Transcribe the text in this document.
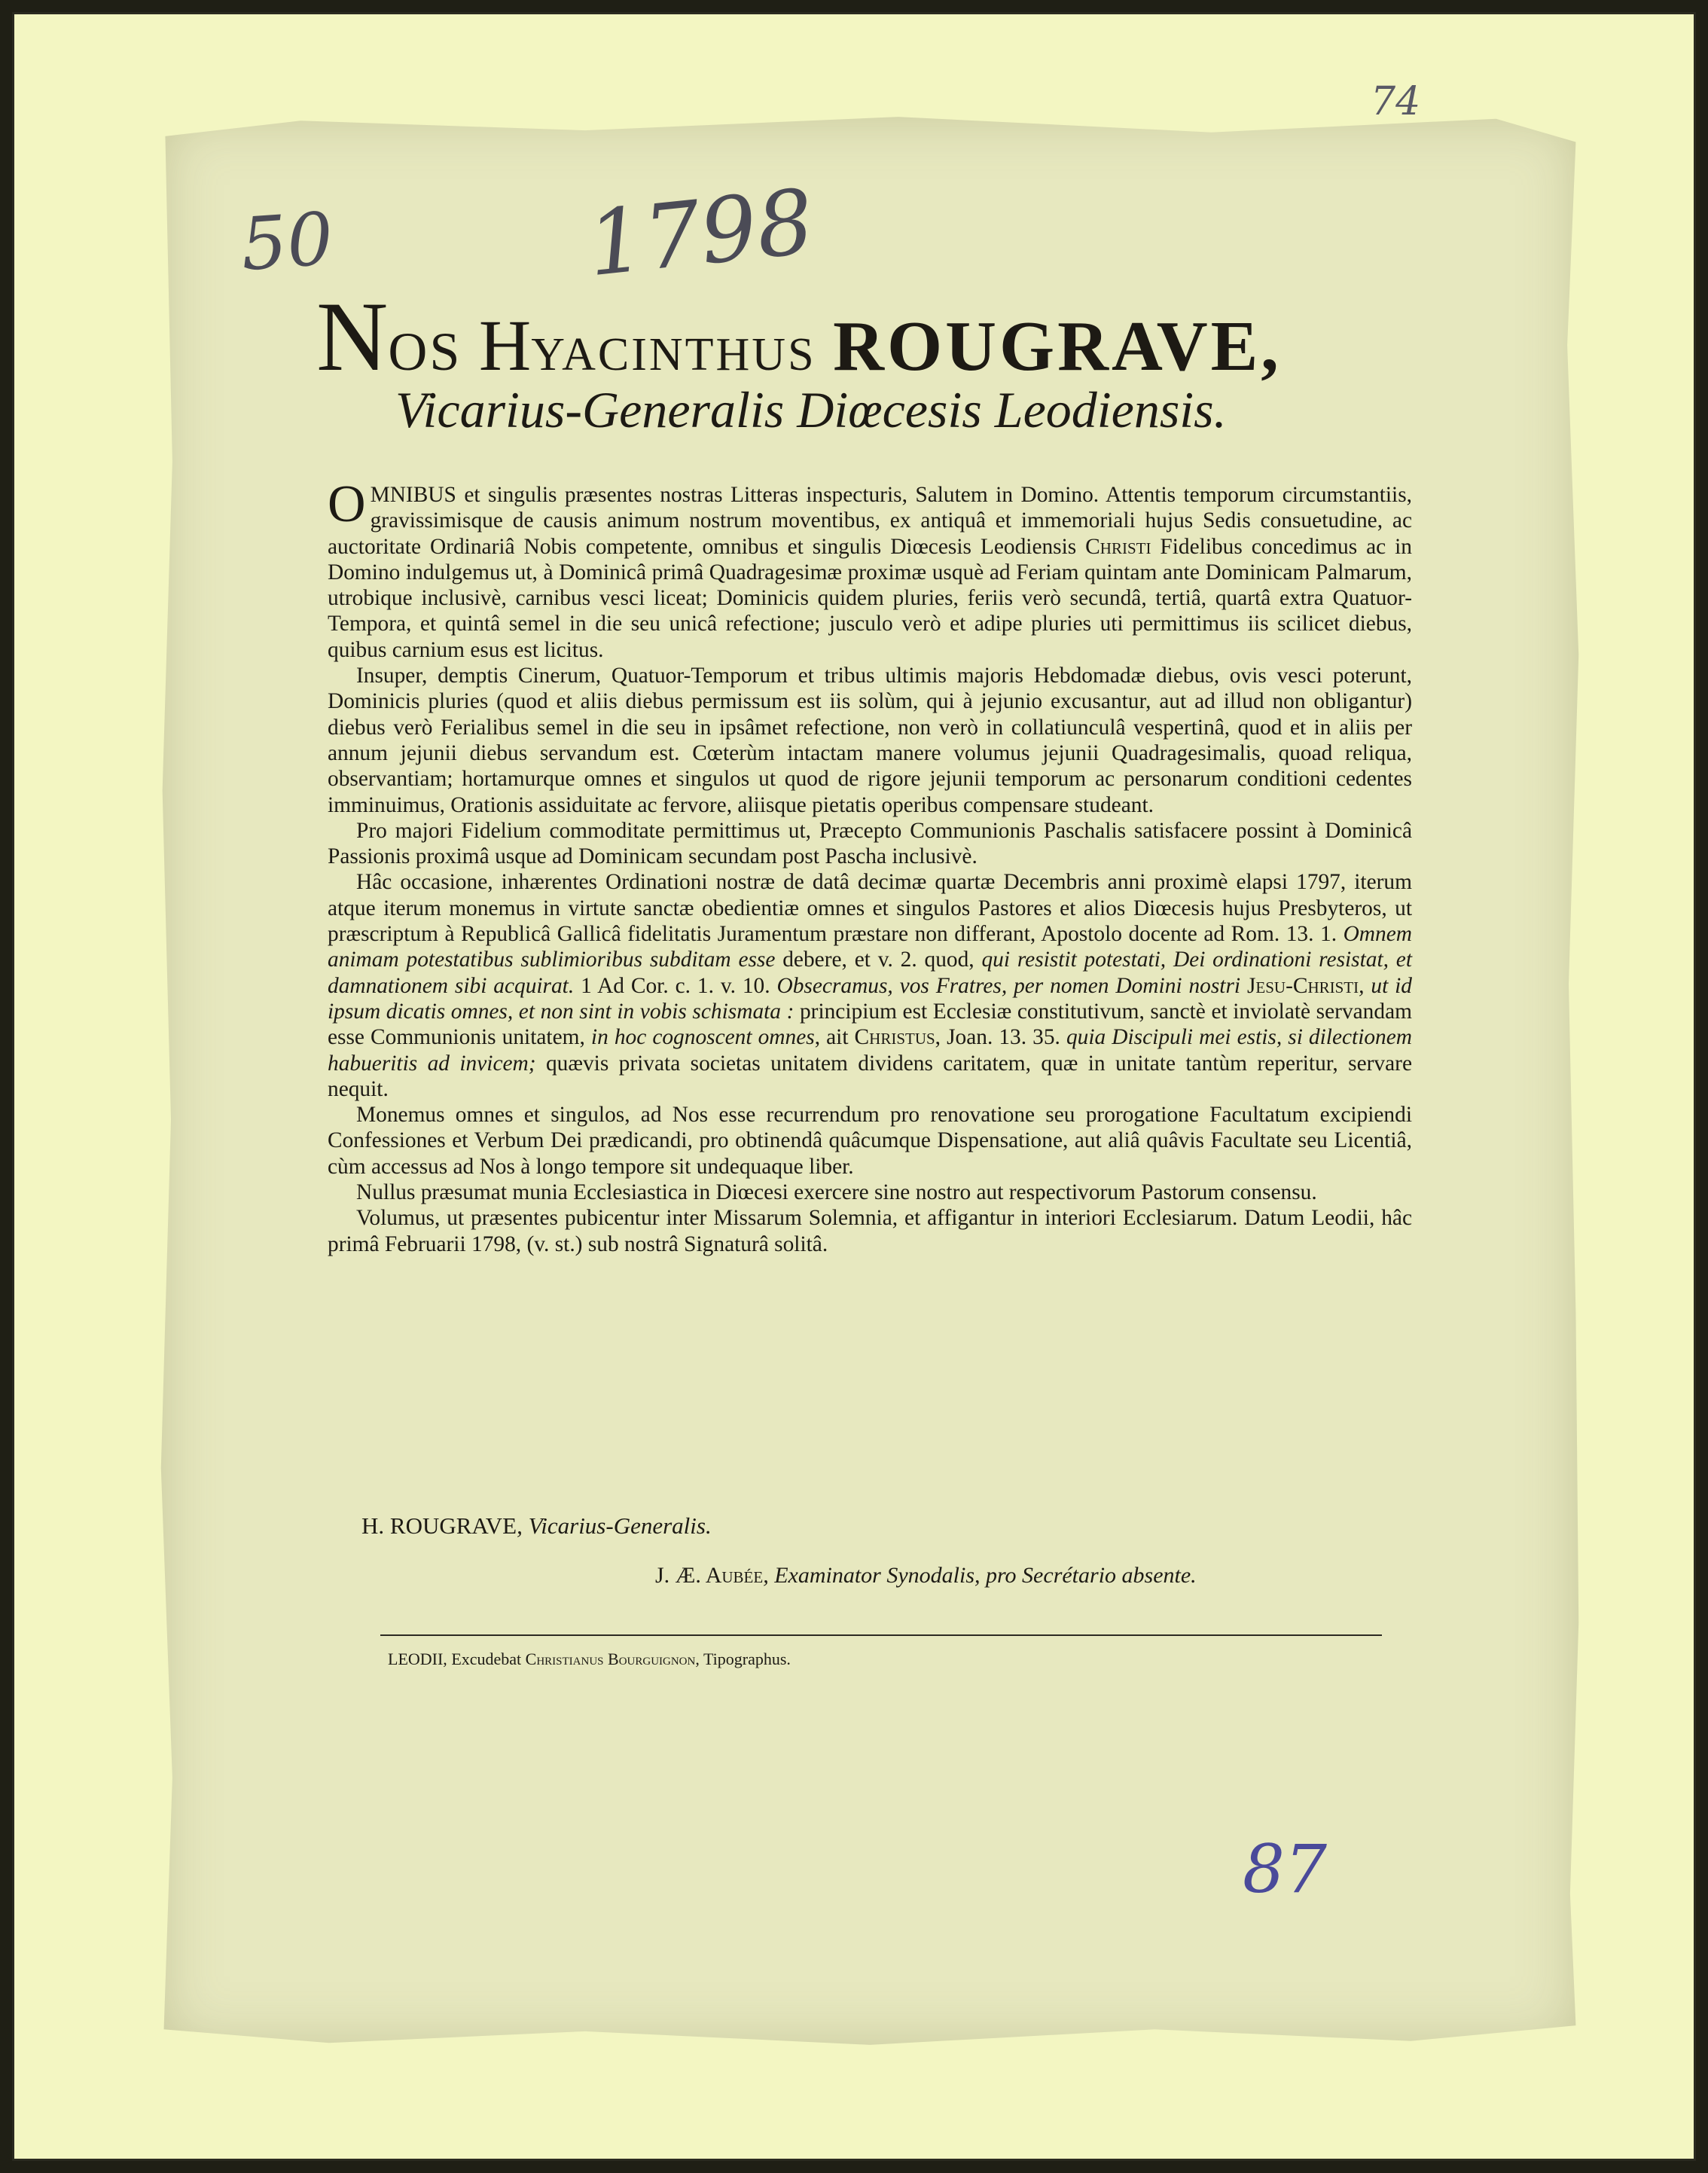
74
50	1798
87
NOS HYACINTHUS ROUGRAVE,
Vicarius-Generalis Diœcesis Leodiensis.

OMNIBUS et singulis præsentes nostras Litteras inspecturis, Salutem in Domino. Attentis temporum circumstantiis, gravissimisque de causis animum nostrum moventibus, ex antiquâ et immemoriali hujus Sedis consuetudine, ac auctoritate Ordinariâ Nobis competente, omnibus et singulis Diœcesis Leodiensis Christi Fidelibus concedimus ac in Domino indulgemus ut, à Dominicâ primâ Quadragesimæ proximæ usquè ad Feriam quintam ante Dominicam Palmarum, utrobique inclusivè, carnibus vesci liceat; Dominicis quidem pluries, feriis verò secundâ, tertiâ, quartâ extra Quatuor-Tempora, et quintâ semel in die seu unicâ refectione; jusculo verò et adipe pluries uti permittimus iis scilicet diebus, quibus carnium esus est licitus.

Insuper, demptis Cinerum, Quatuor-Temporum et tribus ultimis majoris Hebdomadæ diebus, ovis vesci poterunt, Dominicis pluries (quod et aliis diebus permissum est iis solùm, qui à jejunio excusantur, aut ad illud non obligantur) diebus verò Ferialibus semel in die seu in ipsâmet refectione, non verò in collatiunculâ vespertinâ, quod et in aliis per annum jejunii diebus servandum est. Cœterùm intactam manere volumus jejunii Quadragesimalis, quoad reliqua, observantiam; hortamurque omnes et singulos ut quod de rigore jejunii temporum ac personarum conditioni cedentes imminuimus, Orationis assiduitate ac fervore, aliisque pietatis operibus compensare studeant.

Pro majori Fidelium commoditate permittimus ut, Præcepto Communionis Paschalis satisfacere possint à Dominicâ Passionis proximâ usque ad Dominicam secundam post Pascha inclusivè.

Hâc occasione, inhærentes Ordinationi nostræ de datâ decimæ quartæ Decembris anni proximè elapsi 1797, iterum atque iterum monemus in virtute sanctæ obedientiæ omnes et singulos Pastores et alios Diœcesis hujus Presbyteros, ut præscriptum à Republicâ Gallicâ fidelitatis Juramentum præstare non differant, Apostolo docente ad Rom. 13. 1. Omnem animam potestatibus sublimioribus subditam esse debere, et v. 2. quod, qui resistit potestati, Dei ordinationi resistat, et damnationem sibi acquirat. 1 Ad Cor. c. 1. v. 10. Obsecramus, vos Fratres, per nomen Domini nostri Jesu-Christi, ut id ipsum dicatis omnes, et non sint in vobis schismata : principium est Ecclesiæ constitutivum, sanctè et inviolatè servandam esse Communionis unitatem, in hoc cognoscent omnes, ait Christus, Joan. 13. 35. quia Discipuli mei estis, si dilectionem habueritis ad invicem; quævis privata societas unitatem dividens caritatem, quæ in unitate tantùm reperitur, servare nequit.

Monemus omnes et singulos, ad Nos esse recurrendum pro renovatione seu prorogatione Facultatum excipiendi Confessiones et Verbum Dei prædicandi, pro obtinendâ quâcumque Dispensatione, aut aliâ quâvis Facultate seu Licentiâ, cùm accessus ad Nos à longo tempore sit undequaque liber.

Nullus præsumat munia Ecclesiastica in Diœcesi exercere sine nostro aut respectivorum Pastorum consensu.

Volumus, ut præsentes pubicentur inter Missarum Solemnia, et affigantur in interiori Ecclesiarum. Datum Leodii, hâc primâ Februarii 1798, (v. st.) sub nostrâ Signaturâ solitâ.

H. ROUGRAVE, Vicarius-Generalis.
J. Æ. Aubée, Examinator Synodalis, pro Secrétario absente.
LEODII, Excudebat Christianus Bourguignon, Tipographus.
